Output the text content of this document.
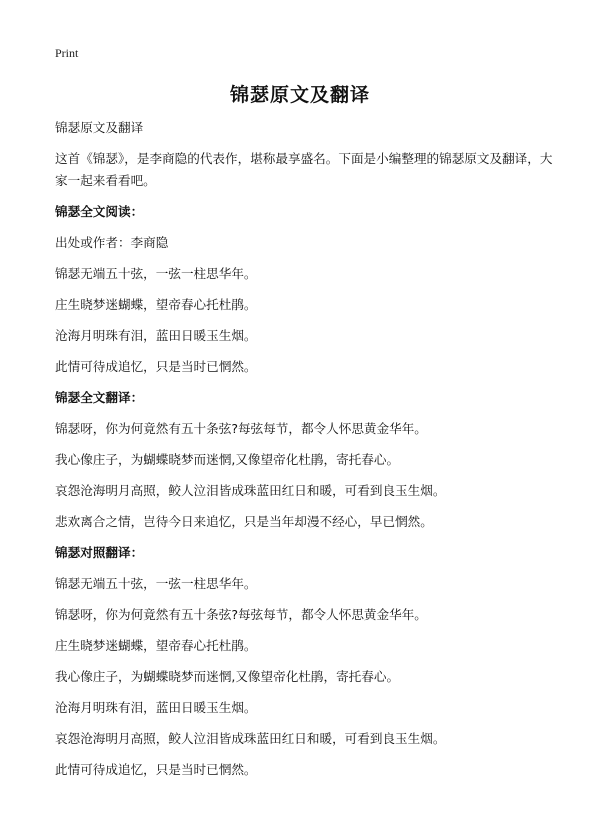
Print
锦瑟原文及翻译

锦瑟原文及翻译

这首《锦瑟》，是李商隐的代表作，堪称最享盛名。下面是小编整理的锦瑟原文及翻译，大家一起来看看吧。

锦瑟全文阅读：

出处或作者：李商隐

锦瑟无端五十弦，一弦一柱思华年。

庄生晓梦迷蝴蝶，望帝春心托杜鹃。

沧海月明珠有泪，蓝田日暖玉生烟。

此情可待成追忆，只是当时已惘然。

锦瑟全文翻译：

锦瑟呀，你为何竟然有五十条弦?每弦每节，都令人怀思黄金华年。

我心像庄子，为蝴蝶晓梦而迷惘,又像望帝化杜鹃，寄托春心。

哀怨沧海明月高照，鲛人泣泪皆成珠蓝田红日和暖，可看到良玉生烟。

悲欢离合之情，岂待今日来追忆，只是当年却漫不经心，早已惘然。

锦瑟对照翻译：

锦瑟无端五十弦，一弦一柱思华年。

锦瑟呀，你为何竟然有五十条弦?每弦每节，都令人怀思黄金华年。

庄生晓梦迷蝴蝶，望帝春心托杜鹃。

我心像庄子，为蝴蝶晓梦而迷惘,又像望帝化杜鹃，寄托春心。

沧海月明珠有泪，蓝田日暖玉生烟。

哀怨沧海明月高照，鲛人泣泪皆成珠蓝田红日和暖，可看到良玉生烟。

此情可待成追忆，只是当时已惘然。
